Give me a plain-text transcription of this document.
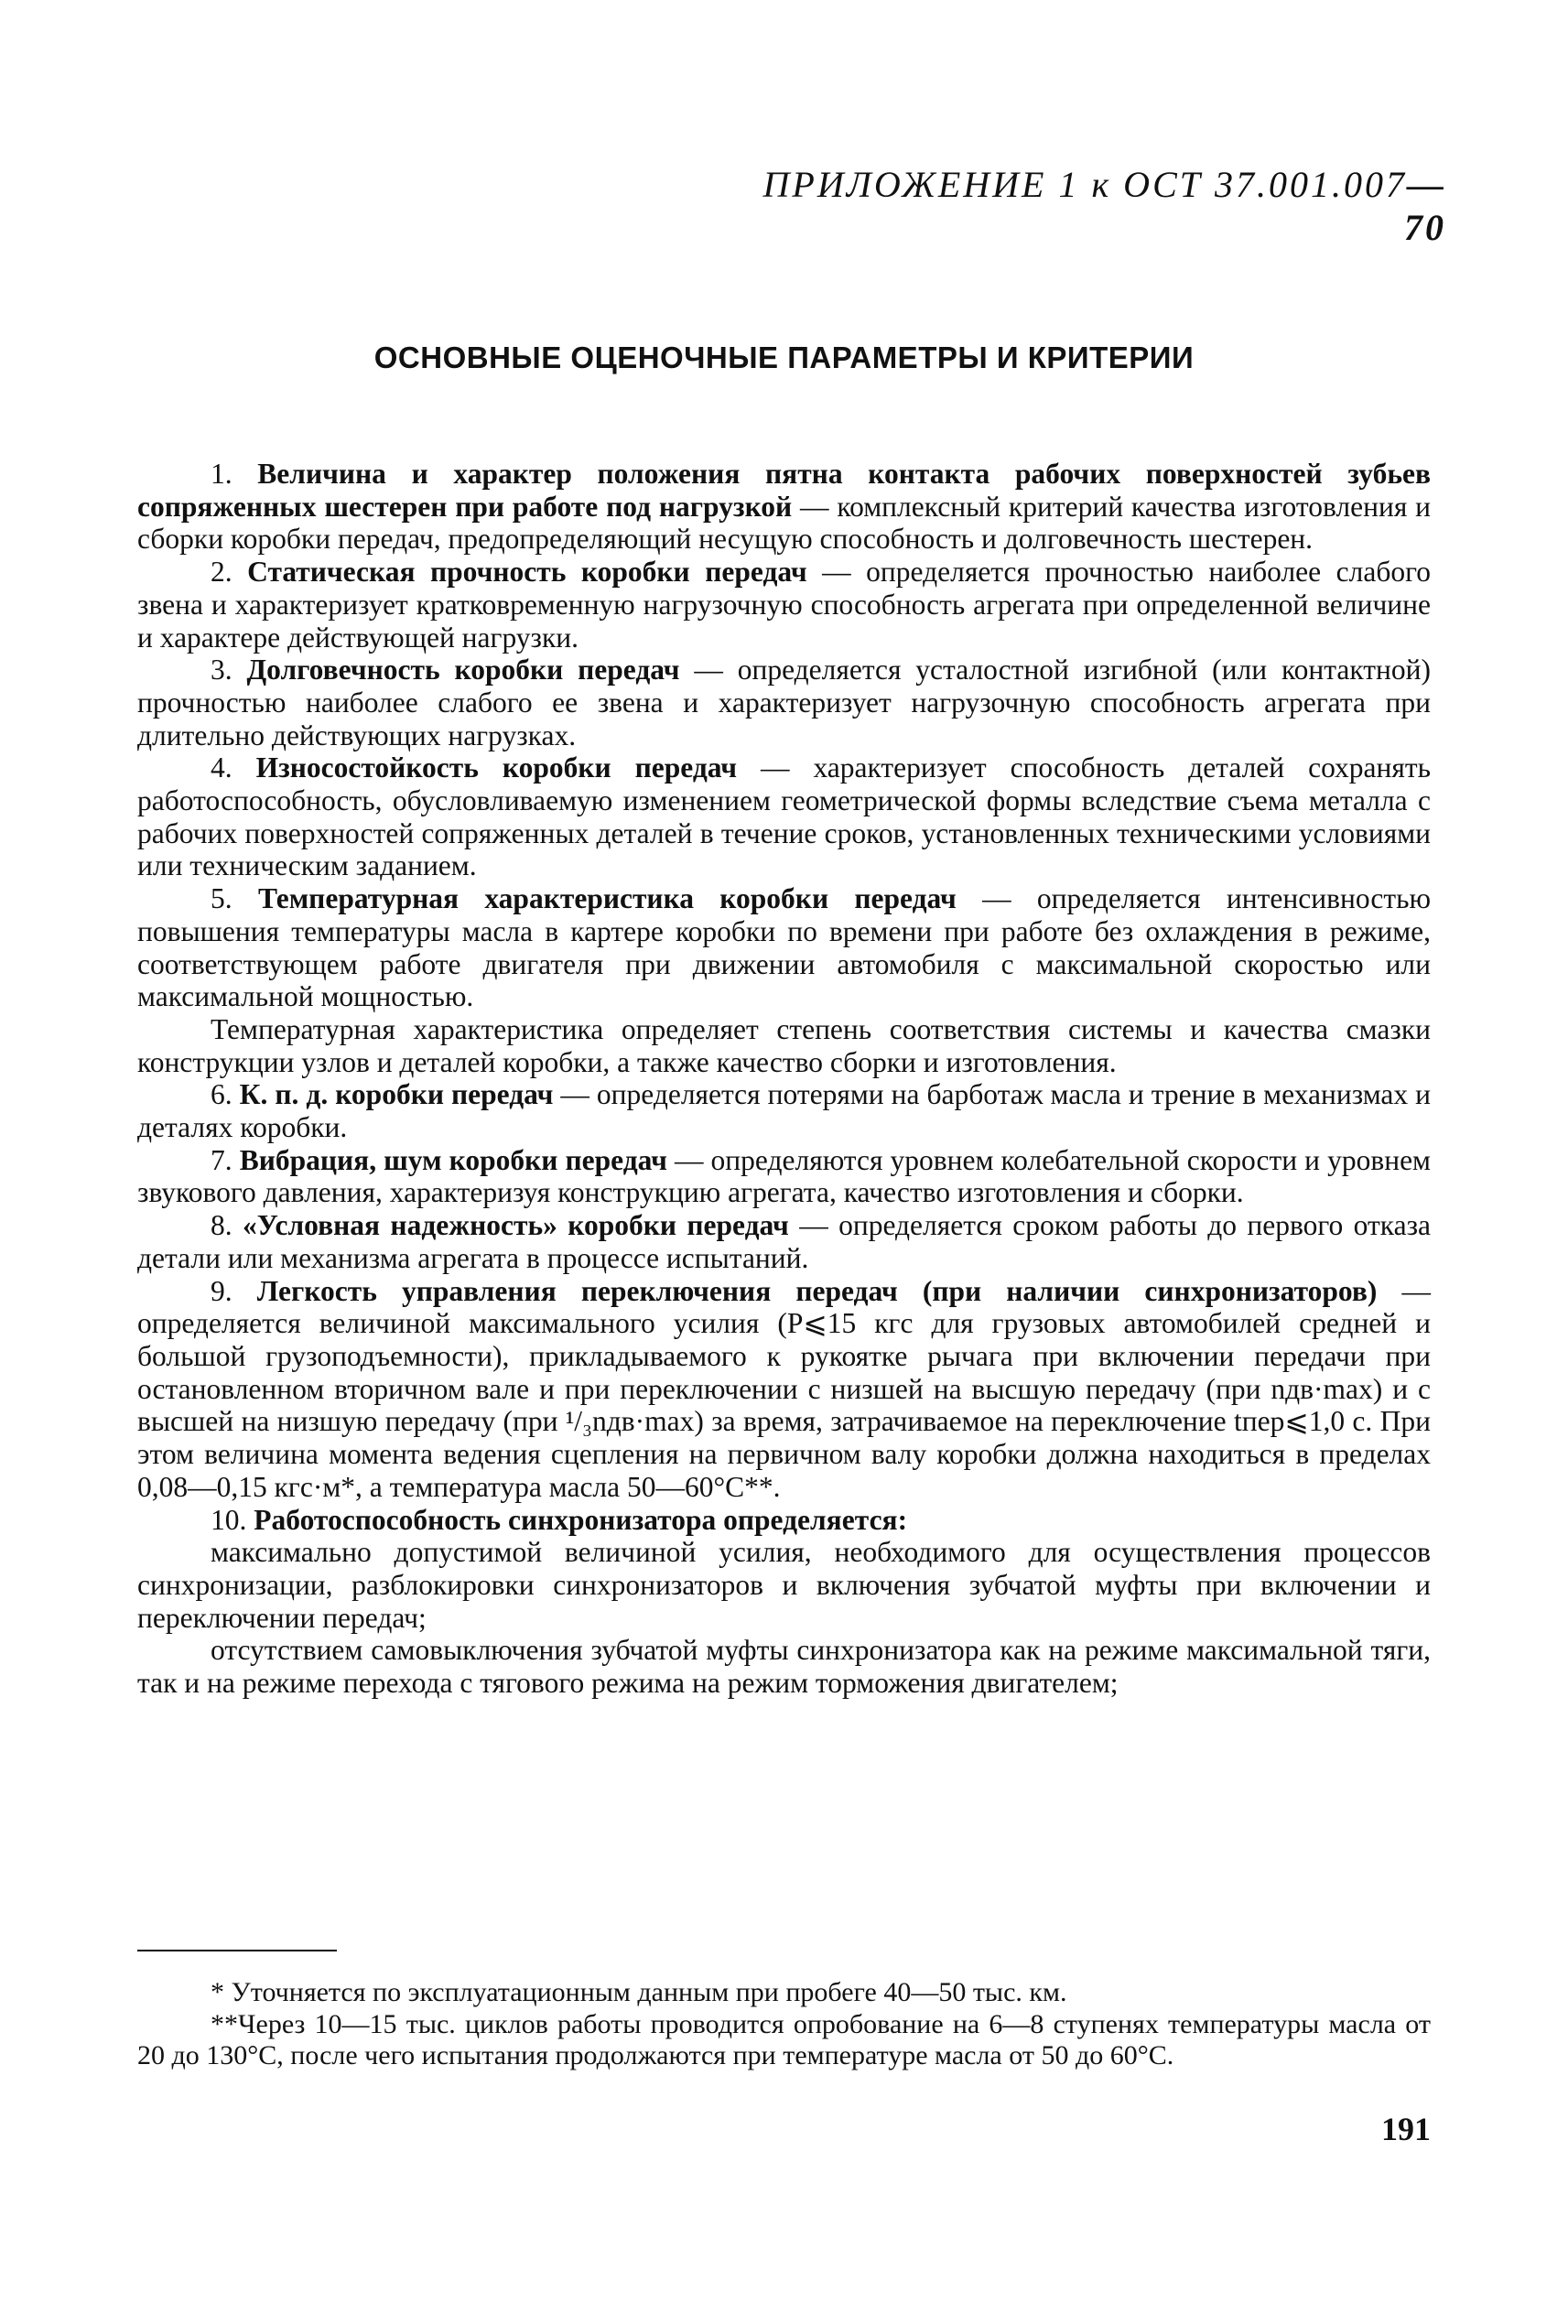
ПРИЛОЖЕНИЕ 1 к ОСТ 37.001.007—70
ОСНОВНЫЕ ОЦЕНОЧНЫЕ ПАРАМЕТРЫ И КРИТЕРИИ

1. Величина и характер положения пятна контакта рабочих поверхностей зубьев сопряженных шестерен при работе под нагрузкой — комплексный критерий качества изготовления и сборки коробки передач, предопределяющий несущую способность и долговечность шестерен.

2. Статическая прочность коробки передач — определяется прочностью наиболее слабого звена и характеризует кратковременную нагрузочную способность агрегата при определенной величине и характере действующей нагрузки.

3. Долговечность коробки передач — определяется усталостной изгибной (или контактной) прочностью наиболее слабого ее звена и характеризует нагрузочную способность агрегата при длительно действующих нагрузках.

4. Износостойкость коробки передач — характеризует способность деталей сохранять работоспособность, обусловливаемую изменением геометрической формы вследствие съема металла с рабочих поверхностей сопряженных деталей в течение сроков, установленных техническими условиями или техническим заданием.

5. Температурная характеристика коробки передач — определяется интенсивностью повышения температуры масла в картере коробки по времени при работе без охлаждения в режиме, соответствующем работе двигателя при движении автомобиля с максимальной скоростью или максимальной мощностью.

Температурная характеристика определяет степень соответствия системы и качества смазки конструкции узлов и деталей коробки, а также качество сборки и изготовления.

6. К. п. д. коробки передач — определяется потерями на барботаж масла и трение в механизмах и деталях коробки.

7. Вибрация, шум коробки передач — определяются уровнем колебательной скорости и уровнем звукового давления, характеризуя конструкцию агрегата, качество изготовления и сборки.

8. «Условная надежность» коробки передач — определяется сроком работы до первого отказа детали или механизма агрегата в процессе испытаний.

9. Легкость управления переключения передач (при наличии синхронизаторов) — определяется величиной максимального усилия (P⩽15 кгс для грузовых автомобилей средней и большой грузоподъемности), прикладываемого к рукоятке рычага при включении передачи при остановленном вторичном вале и при переключении с низшей на высшую передачу (при nдв·max) и с высшей на низшую передачу (при ¹/₃nдв·max) за время, затрачиваемое на переключение tпер⩽1,0 с. При этом величина момента ведения сцепления на первичном валу коробки должна находиться в пределах 0,08—0,15 кгс·м*, а температура масла 50—60°С**.

10. Работоспособность синхронизатора определяется:

максимально допустимой величиной усилия, необходимого для осуществления процессов синхронизации, разблокировки синхронизаторов и включения зубчатой муфты при включении и переключении передач;

отсутствием самовыключения зубчатой муфты синхронизатора как на режиме максимальной тяги, так и на режиме перехода с тягового режима на режим торможения двигателем;

* Уточняется по эксплуатационным данным при пробеге 40—50 тыс. км.

**Через 10—15 тыс. циклов работы проводится опробование на 6—8 ступенях температуры масла от 20 до 130°С, после чего испытания продолжаются при температуре масла от 50 до 60°С.

191
